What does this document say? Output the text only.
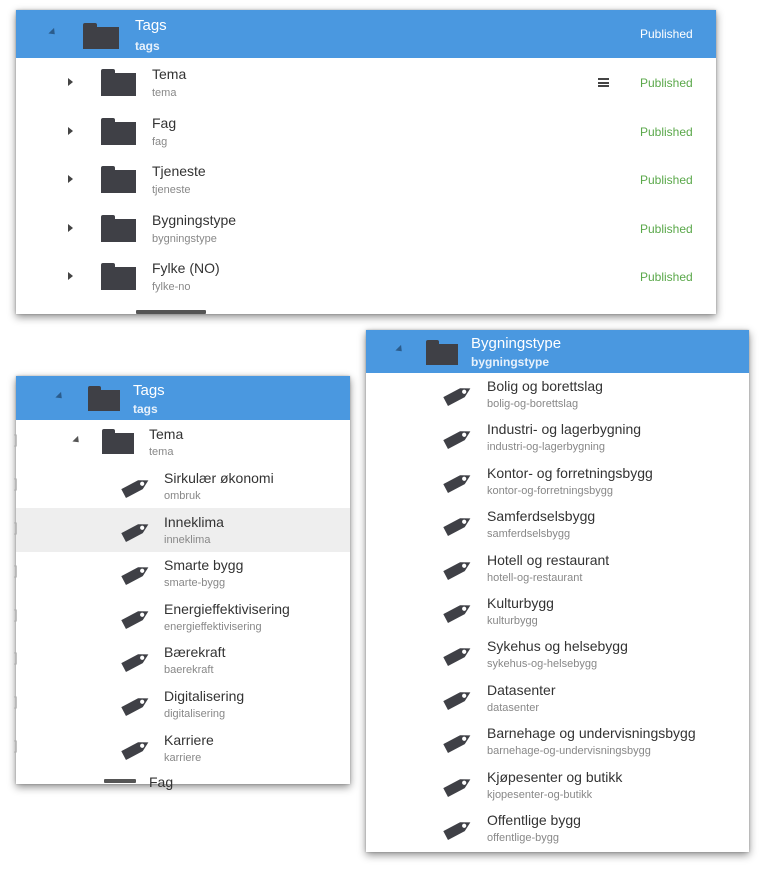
Tags
tags
Published
Tema
tema
Published
Fag
fag
Published
Tjeneste
tjeneste
Published
Bygningstype
bygningstype
Published
Fylke (NO)
fylke-no
Published
Tags
tags
]	Tema
tema
]	Sirkulær økonomi
ombruk
]	Inneklima
inneklima
]	Smarte bygg
smarte-bygg
]	Energieffektivisering
energieffektivisering
]	Bærekraft
baerekraft
]	Digitalisering
digitalisering
]	Karriere
karriere
Fag
Bygningstype
bygningstype
Bolig og borettslag
bolig-og-borettslag
Industri- og lagerbygning
industri-og-lagerbygning
Kontor- og forretningsbygg
kontor-og-forretningsbygg
Samferdselsbygg
samferdselsbygg
Hotell og restaurant
hotell-og-restaurant
Kulturbygg
kulturbygg
Sykehus og helsebygg
sykehus-og-helsebygg
Datasenter
datasenter
Barnehage og undervisningsbygg
barnehage-og-undervisningsbygg
Kjøpesenter og butikk
kjopesenter-og-butikk
Offentlige bygg
offentlige-bygg
